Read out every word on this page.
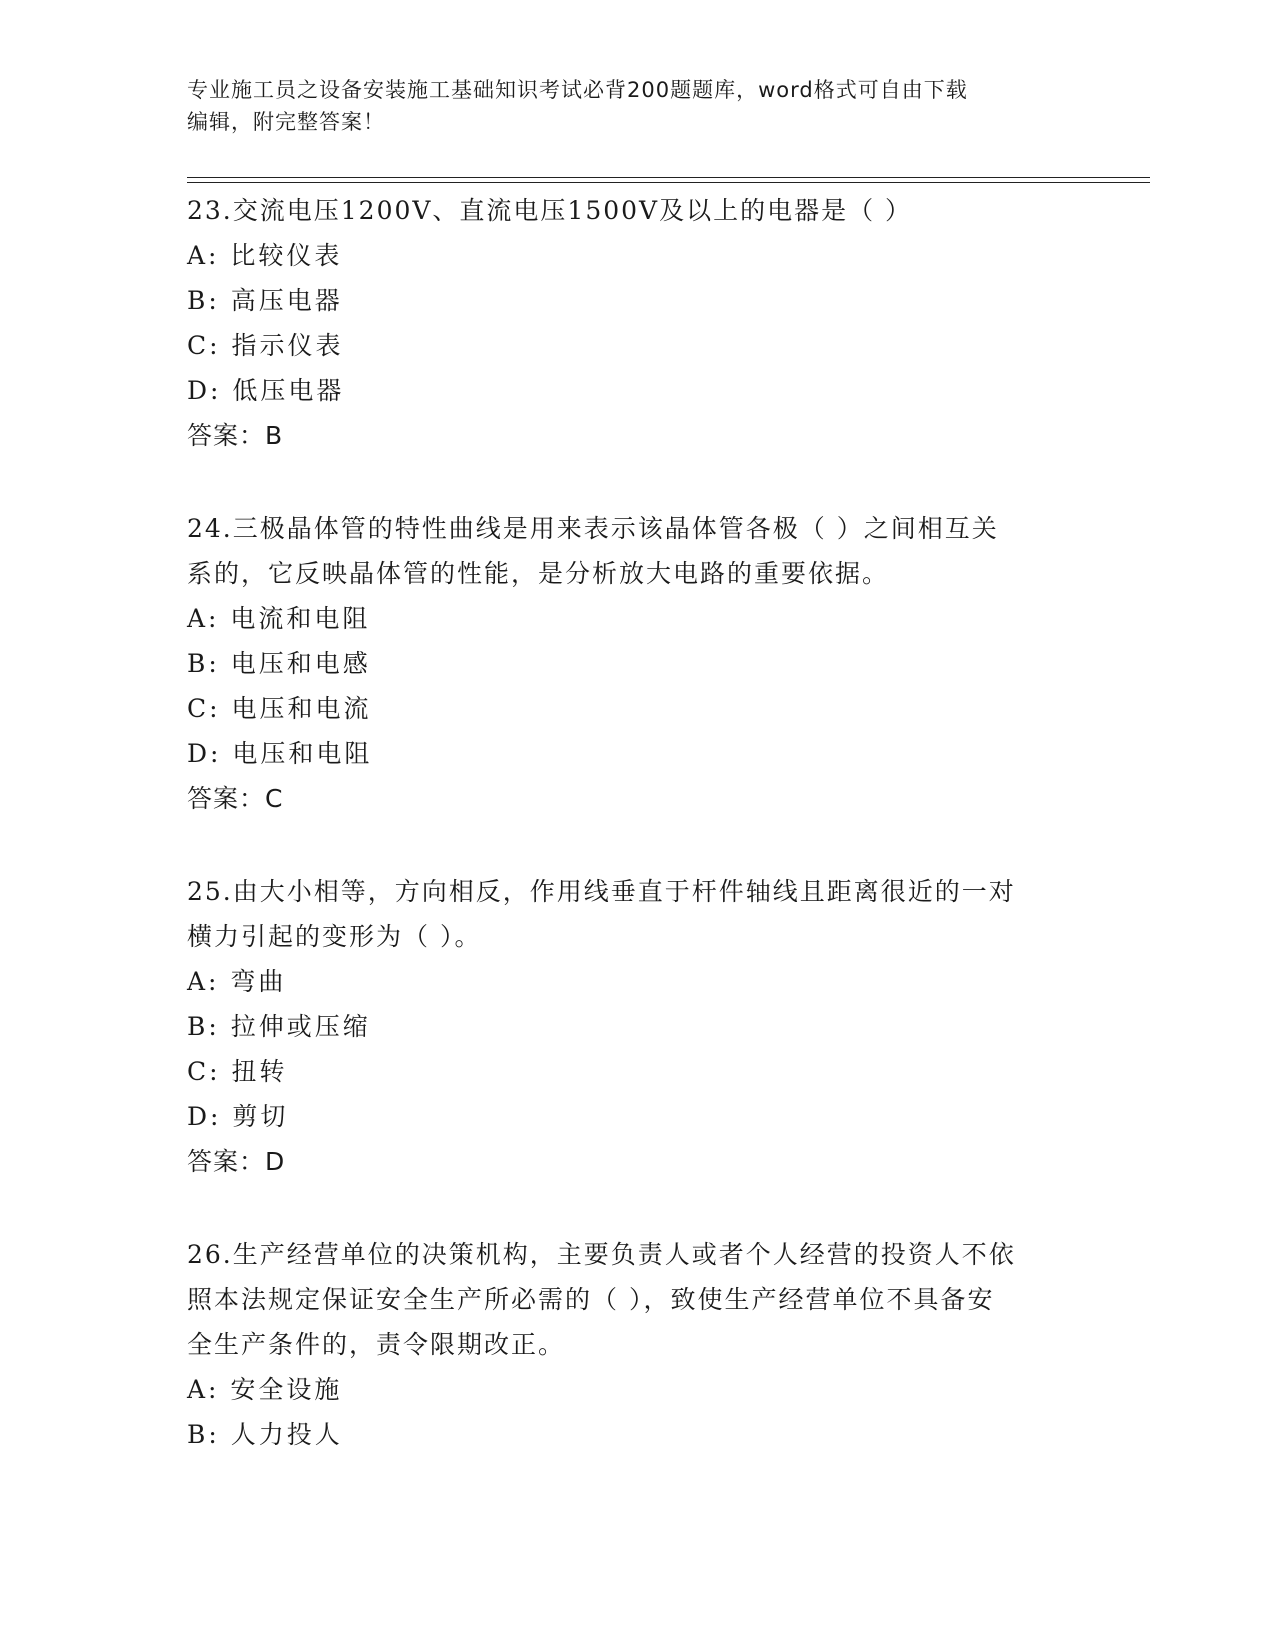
专业施工员之设备安装施工基础知识考试必背200题题库，word格式可自由下载
编辑，附完整答案！

23.交流电压1200V、直流电压1500V及以上的电器是（ ）

A: 比较仪表

B: 高压电器

C: 指示仪表

D: 低压电器

答案：B

24.三极晶体管的特性曲线是用来表示该晶体管各极（ ）之间相互关

系的，它反映晶体管的性能，是分析放大电路的重要依据。

A: 电流和电阻

B: 电压和电感

C: 电压和电流

D: 电压和电阻

答案：C

25.由大小相等，方向相反，作用线垂直于杆件轴线且距离很近的一对

横力引起的变形为（ ）。

A: 弯曲

B: 拉伸或压缩

C: 扭转

D: 剪切

答案：D

26.生产经营单位的决策机构，主要负责人或者个人经营的投资人不依

照本法规定保证安全生产所必需的（ ），致使生产经营单位不具备安

全生产条件的，责令限期改正。

A: 安全设施

B: 人力投人
